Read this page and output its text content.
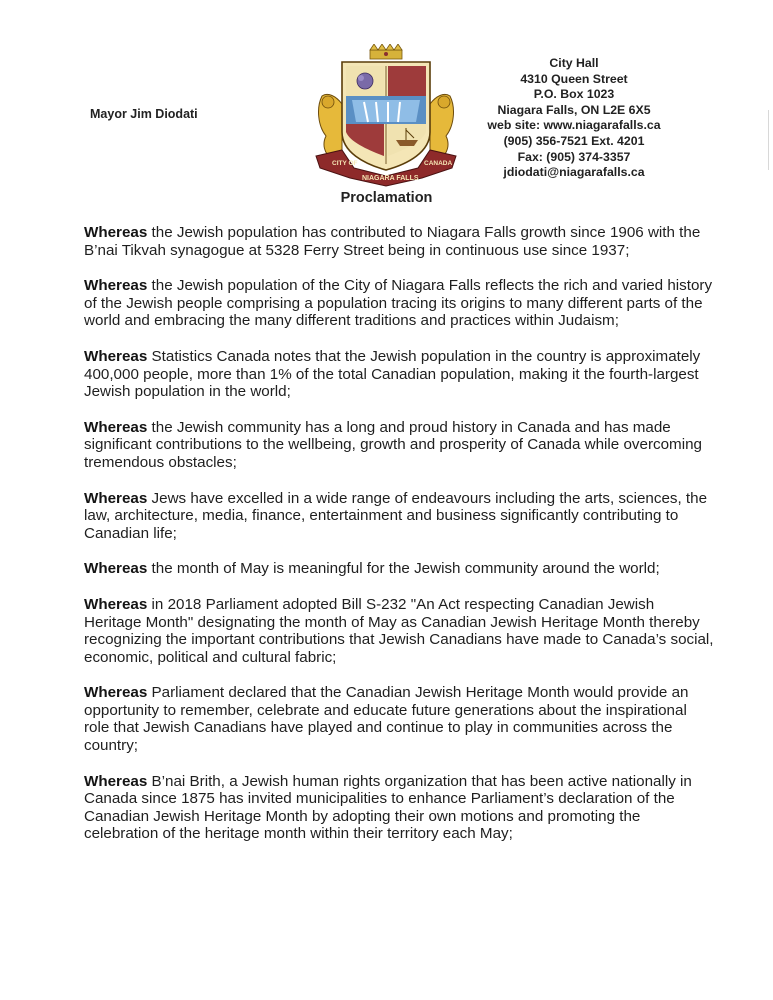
Mayor Jim Diodati
CITY OF
NIAGARA FALLS
CANADA
City Hall
4310 Queen Street
P.O. Box 1023
Niagara Falls, ON L2E 6X5
web site: www.niagarafalls.ca
(905) 356-7521 Ext. 4201
Fax: (905) 374-3357
jdiodati@niagarafalls.ca
Proclamation

Whereas the Jewish population has contributed to Niagara Falls growth since 1906 with the B’nai Tikvah synagogue at 5328 Ferry Street being in continuous use since 1937;

Whereas the Jewish population of the City of Niagara Falls reflects the rich and varied history of the Jewish people comprising a population tracing its origins to many different parts of the world and embracing the many different traditions and practices within Judaism;

Whereas Statistics Canada notes that the Jewish population in the country is approximately 400,000 people, more than 1% of the total Canadian population, making it the fourth-largest Jewish population in the world;

Whereas the Jewish community has a long and proud history in Canada and has made significant contributions to the wellbeing, growth and prosperity of Canada while overcoming tremendous obstacles;

Whereas Jews have excelled in a wide range of endeavours including the arts, sciences, the law, architecture, media, finance, entertainment and business significantly contributing to Canadian life;

Whereas the month of May is meaningful for the Jewish community around the world;

Whereas in 2018 Parliament adopted Bill S-232 "An Act respecting Canadian Jewish Heritage Month" designating the month of May as Canadian Jewish Heritage Month thereby recognizing the important contributions that Jewish Canadians have made to Canada’s social, economic, political and cultural fabric;

Whereas Parliament declared that the Canadian Jewish Heritage Month would provide an opportunity to remember, celebrate and educate future generations about the inspirational role that Jewish Canadians have played and continue to play in communities across the country;

Whereas B’nai Brith, a Jewish human rights organization that has been active nationally in Canada since 1875 has invited municipalities to enhance Parliament’s declaration of the Canadian Jewish Heritage Month by adopting their own motions and promoting the celebration of the heritage month within their territory each May;
